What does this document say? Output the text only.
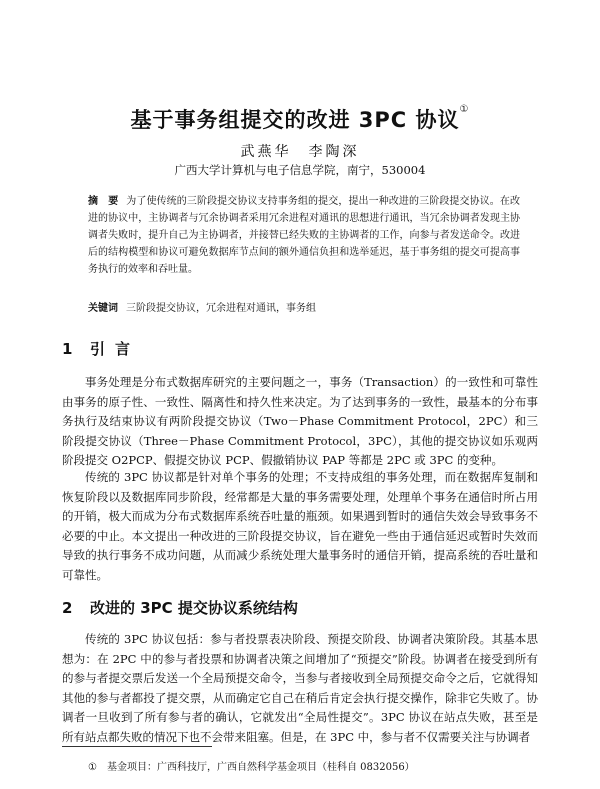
基于事务组提交的改进 3PC 协议①
武燕华　李陶深
广西大学计算机与电子信息学院，南宁，530004
摘　要 为了使传统的三阶段提交协议支持事务组的提交，提出一种改进的三阶段提交协议。在改进的协议中，主协调者与冗余协调者采用冗余进程对通讯的思想进行通讯，当冗余协调者发现主协调者失败时，提升自己为主协调者，并接替已经失败的主协调者的工作，向参与者发送命令。改进后的结构模型和协议可避免数据库节点间的额外通信负担和选举延迟，基于事务组的提交可提高事务执行的效率和吞吐量。
关键词 三阶段提交协议，冗余进程对通讯，事务组
1 引言
事务处理是分布式数据库研究的主要问题之一，事务（Transaction）的一致性和可靠性由事务的原子性、一致性、隔离性和持久性来决定。为了达到事务的一致性，最基本的分布事务执行及结束协议有两阶段提交协议（Two－Phase Commitment Protocol，2PC）和三阶段提交协议（Three－Phase Commitment Protocol，3PC），其他的提交协议如乐观两阶段提交 O2PCP、假提交协议 PCP、假撤销协议 PAP 等都是 2PC 或 3PC 的变种。
传统的 3PC 协议都是针对单个事务的处理；不支持成组的事务处理，而在数据库复制和恢复阶段以及数据库同步阶段，经常都是大量的事务需要处理，处理单个事务在通信时所占用的开销，极大而成为分布式数据库系统吞吐量的瓶颈。如果遇到暂时的通信失效会导致事务不必要的中止。本文提出一种改进的三阶段提交协议，旨在避免一些由于通信延迟或暂时失效而导致的执行事务不成功问题，从而减少系统处理大量事务时的通信开销，提高系统的吞吐量和可靠性。
2 改进的 3PC 提交协议系统结构
传统的 3PC 协议包括：参与者投票表决阶段、预提交阶段、协调者决策阶段。其基本思想为：在 2PC 中的参与者投票和协调者决策之间增加了“预提交”阶段。协调者在接受到所有的参与者提交票后发送一个全局预提交命令，当参与者接收到全局预提交命令之后，它就得知其他的参与者都投了提交票，从而确定它自己在稍后肯定会执行提交操作，除非它失败了。协调者一旦收到了所有参与者的确认，它就发出“全局性提交”。3PC 协议在站点失败，甚至是所有站点都失败的情况下也不会带来阻塞。但是，在 3PC 中，参与者不仅需要关注与协调者
① 基金项目：广西科技厅，广西自然科学基金项目（桂科自 0832056）
